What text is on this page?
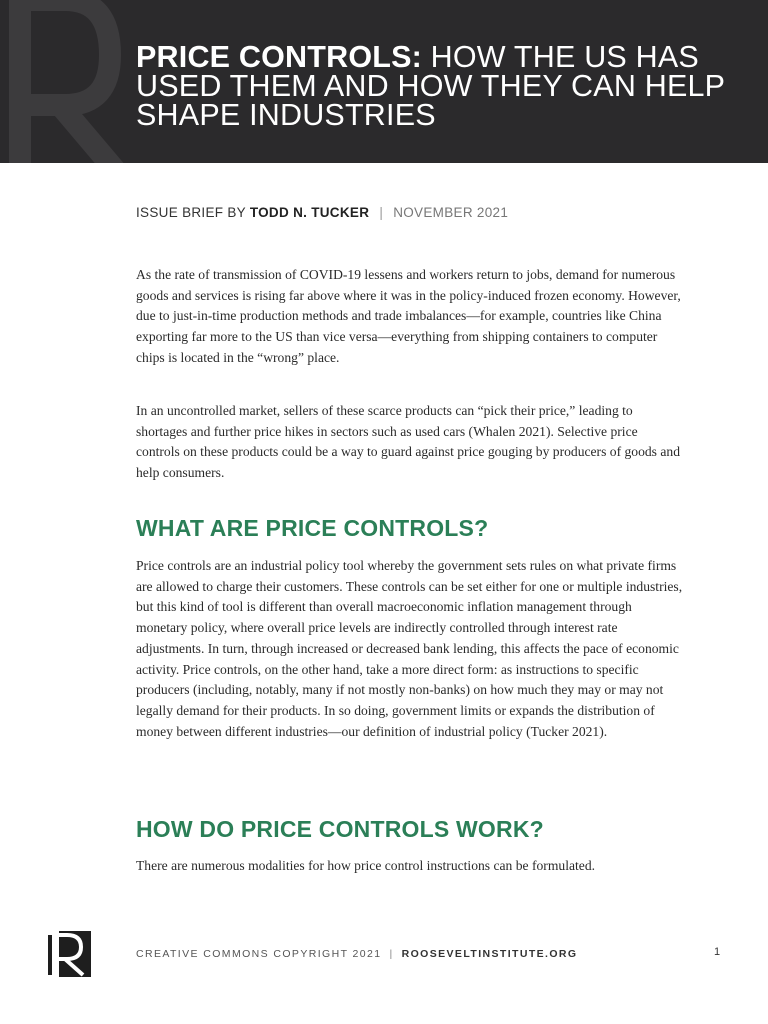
PRICE CONTROLS: HOW THE US HAS USED THEM AND HOW THEY CAN HELP SHAPE INDUSTRIES
ISSUE BRIEF BY TODD N. TUCKER | NOVEMBER 2021

As the rate of transmission of COVID-19 lessens and workers return to jobs, demand for numerous goods and services is rising far above where it was in the policy-induced frozen economy. However, due to just-in-time production methods and trade imbalances—for example, countries like China exporting far more to the US than vice versa—everything from shipping containers to computer chips is located in the “wrong” place.

In an uncontrolled market, sellers of these scarce products can “pick their price,” leading to shortages and further price hikes in sectors such as used cars (Whalen 2021). Selective price controls on these products could be a way to guard against price gouging by producers of goods and help consumers.

WHAT ARE PRICE CONTROLS?

Price controls are an industrial policy tool whereby the government sets rules on what private firms are allowed to charge their customers. These controls can be set either for one or multiple industries, but this kind of tool is different than overall macroeconomic inflation management through monetary policy, where overall price levels are indirectly controlled through interest rate adjustments. In turn, through increased or decreased bank lending, this affects the pace of economic activity. Price controls, on the other hand, take a more direct form: as instructions to specific producers (including, notably, many if not mostly non-banks) on how much they may or may not legally demand for their products. In so doing, government limits or expands the distribution of money between different industries—our definition of industrial policy (Tucker 2021).

HOW DO PRICE CONTROLS WORK?

There are numerous modalities for how price control instructions can be formulated.

CREATIVE COMMONS COPYRIGHT 2021 | ROOSEVELTINSTITUTE.ORG	1
